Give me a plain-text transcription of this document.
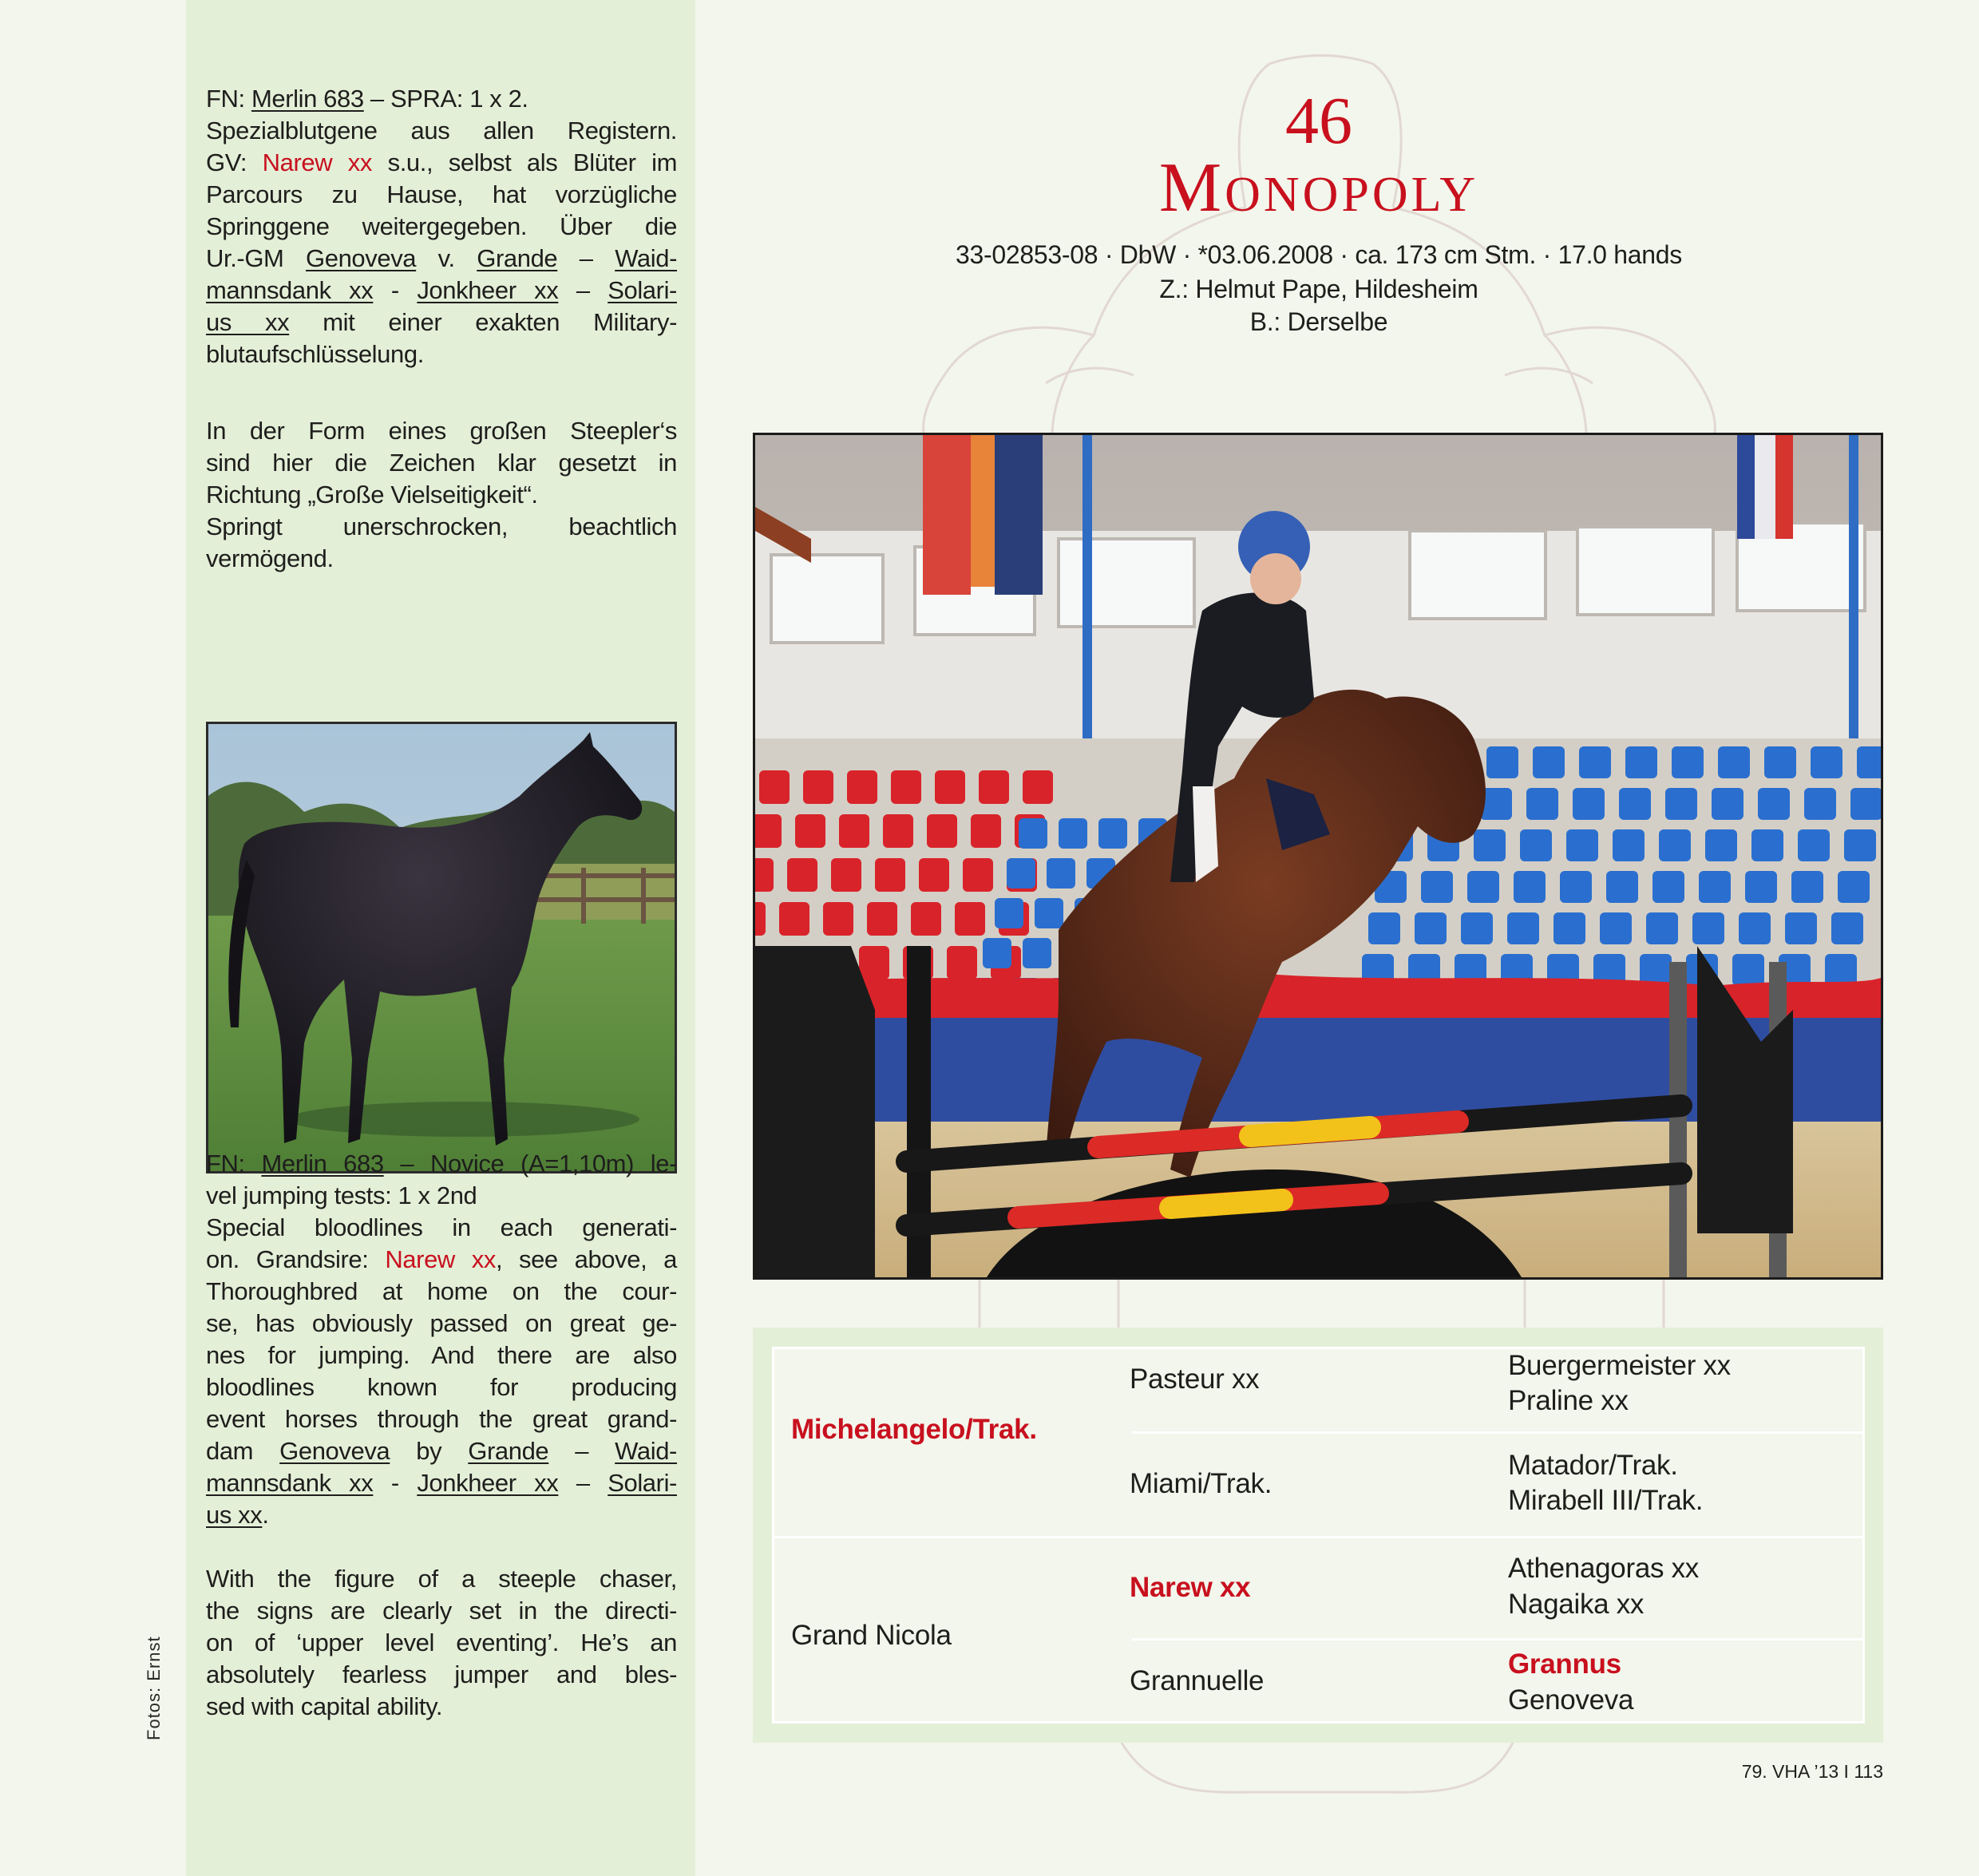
FN: Merlin 683 – SPRA: 1 x 2.
Spezialblutgene aus allen Registern.
GV: Narew xx s.u., selbst als Blüter im
Parcours zu Hause, hat vorzügliche
Springgene weitergegeben. Über die
Ur.-GM Genoveva v. Grande – Waid-
mannsdank xx - Jonkheer xx – Solari-
us xx mit einer exakten Military-
blutaufschlüsselung.
In der Form eines großen Steepler‘s
sind hier die Zeichen klar gesetzt in
Richtung „Große Vielseitigkeit“.
Springt unerschrocken, beachtlich
vermögend.
FN: Merlin 683 – Novice (A=1,10m) le-
vel jumping tests: 1 x 2nd
Special bloodlines in each generati-
on. Grandsire: Narew xx, see above, a
Thoroughbred at home on the cour-
se, has obviously passed on great ge-
nes for jumping. And there are also
bloodlines known for producing
event horses through the great grand-
dam Genoveva by Grande – Waid-
mannsdank xx - Jonkheer xx – Solari-
us xx.
With the figure of a steeple chaser,
the signs are clearly set in the directi-
on of ‘upper level eventing’. He’s an
absolutely fearless jumper and bles-
sed with capital ability.
Fotos: Ernst
46
Monopoly
33-02853-08 · DbW · *03.06.2008 · ca. 173 cm Stm. · 17.0 hands
Z.: Helmut Pape, Hildesheim
B.: Derselbe
Michelangelo/Trak.
Grand Nicola
Pasteur xx
Miami/Trak.
Narew xx
Grannuelle
Buergermeister xx
Praline xx
Matador/Trak.
Mirabell III/Trak.
Athenagoras xx
Nagaika xx
Grannus
Genoveva
79. VHA ’13 I 113
